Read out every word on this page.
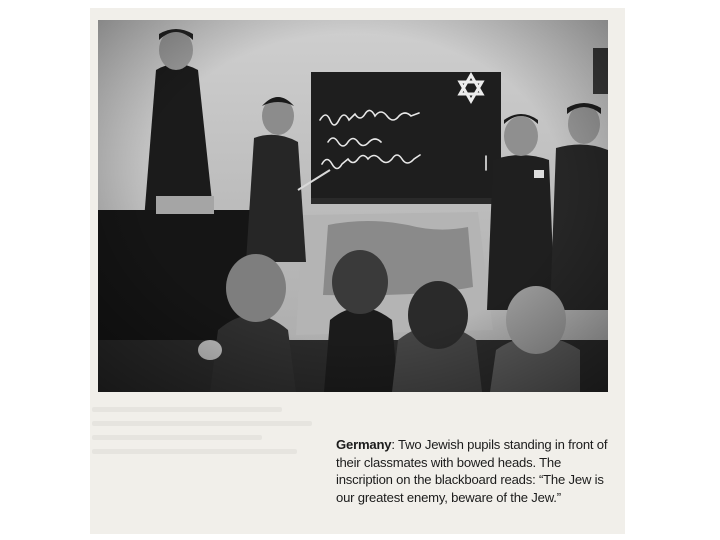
Germany: Two Jewish pupils standing in front of their classmates with bowed heads. The inscription on the blackboard reads: “The Jew is our greatest enemy, beware of the Jew.”
